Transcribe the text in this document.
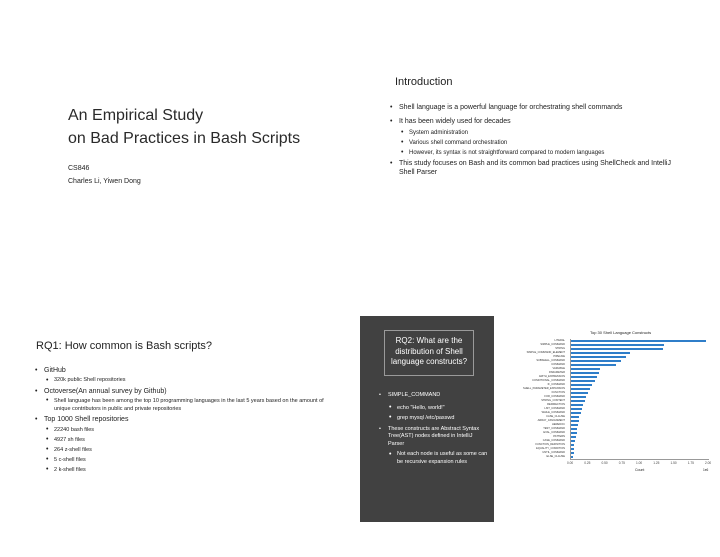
An Empirical Study
on Bad Practices in Bash Scripts
CS846
Charles Li, Yiwen Dong
Introduction
• Shell language is a powerful language for orchestrating shell commands
• It has been widely used for decades
• System administration
• Various shell command orchestration
• However, its syntax is not straightforward compared to modern languages
• This study focuses on Bash and its common bad practices using ShellCheck and IntelliJ Shell Parser
RQ1: How common is Bash scripts?
• GitHub
• 320k public Shell repositories
• Octoverse(An annual survey by Github)
• Shell language has been among the top 10 programming languages in the last 5 years based on the amount of unique contributors in public and private repositories
• Top 1000 Shell repositories
• 22240 bash files
• 4927 sh files
• 264 z-shell files
• 5 c-shell files
• 2 k-shell files
RQ2: What are the distribution of Shell language constructs?
• SIMPLE_COMMAND
• echo "Hello, world!"
• grep mysql /etc/passwd
• These constructs are Abstract Syntax Tree(AST) nodes defined in IntelliJ Parser
• Not each node is useful as some can be recursive expansion rules
Top 30 Shell Language Constructs
LITERAL
SIMPLE_COMMAND
STRING
SIMPLE_COMMAND_ELEMENT
PIPELINE
SUBSHELL_COMMAND
COMMAND
VARIABLE
PARAMETER
ARITH_EXPRESSION
CONDITIONAL_COMMAND
IF_COMMAND
SHELL_PARAMETER_EXPANSION
FUNCTION
FOR_COMMAND
STRING_CONTENT
REDIRECTION
LIST_COMMAND
WHILE_COMMAND
CASE_CLAUSE
ARRAY_ASSIGNMENT
HEREDOC
TEST_COMMAND
EVAL_COMMAND
PATTERN
CASE_COMMAND
FUNCTION_DEFINITION
EQUALITY_CONDITION
UNTIL_COMMAND
ELSE_CLAUSE
0.00	0.25	0.50	0.75	1.00	1.25	1.50	1.75	2.00
Count	1e6
